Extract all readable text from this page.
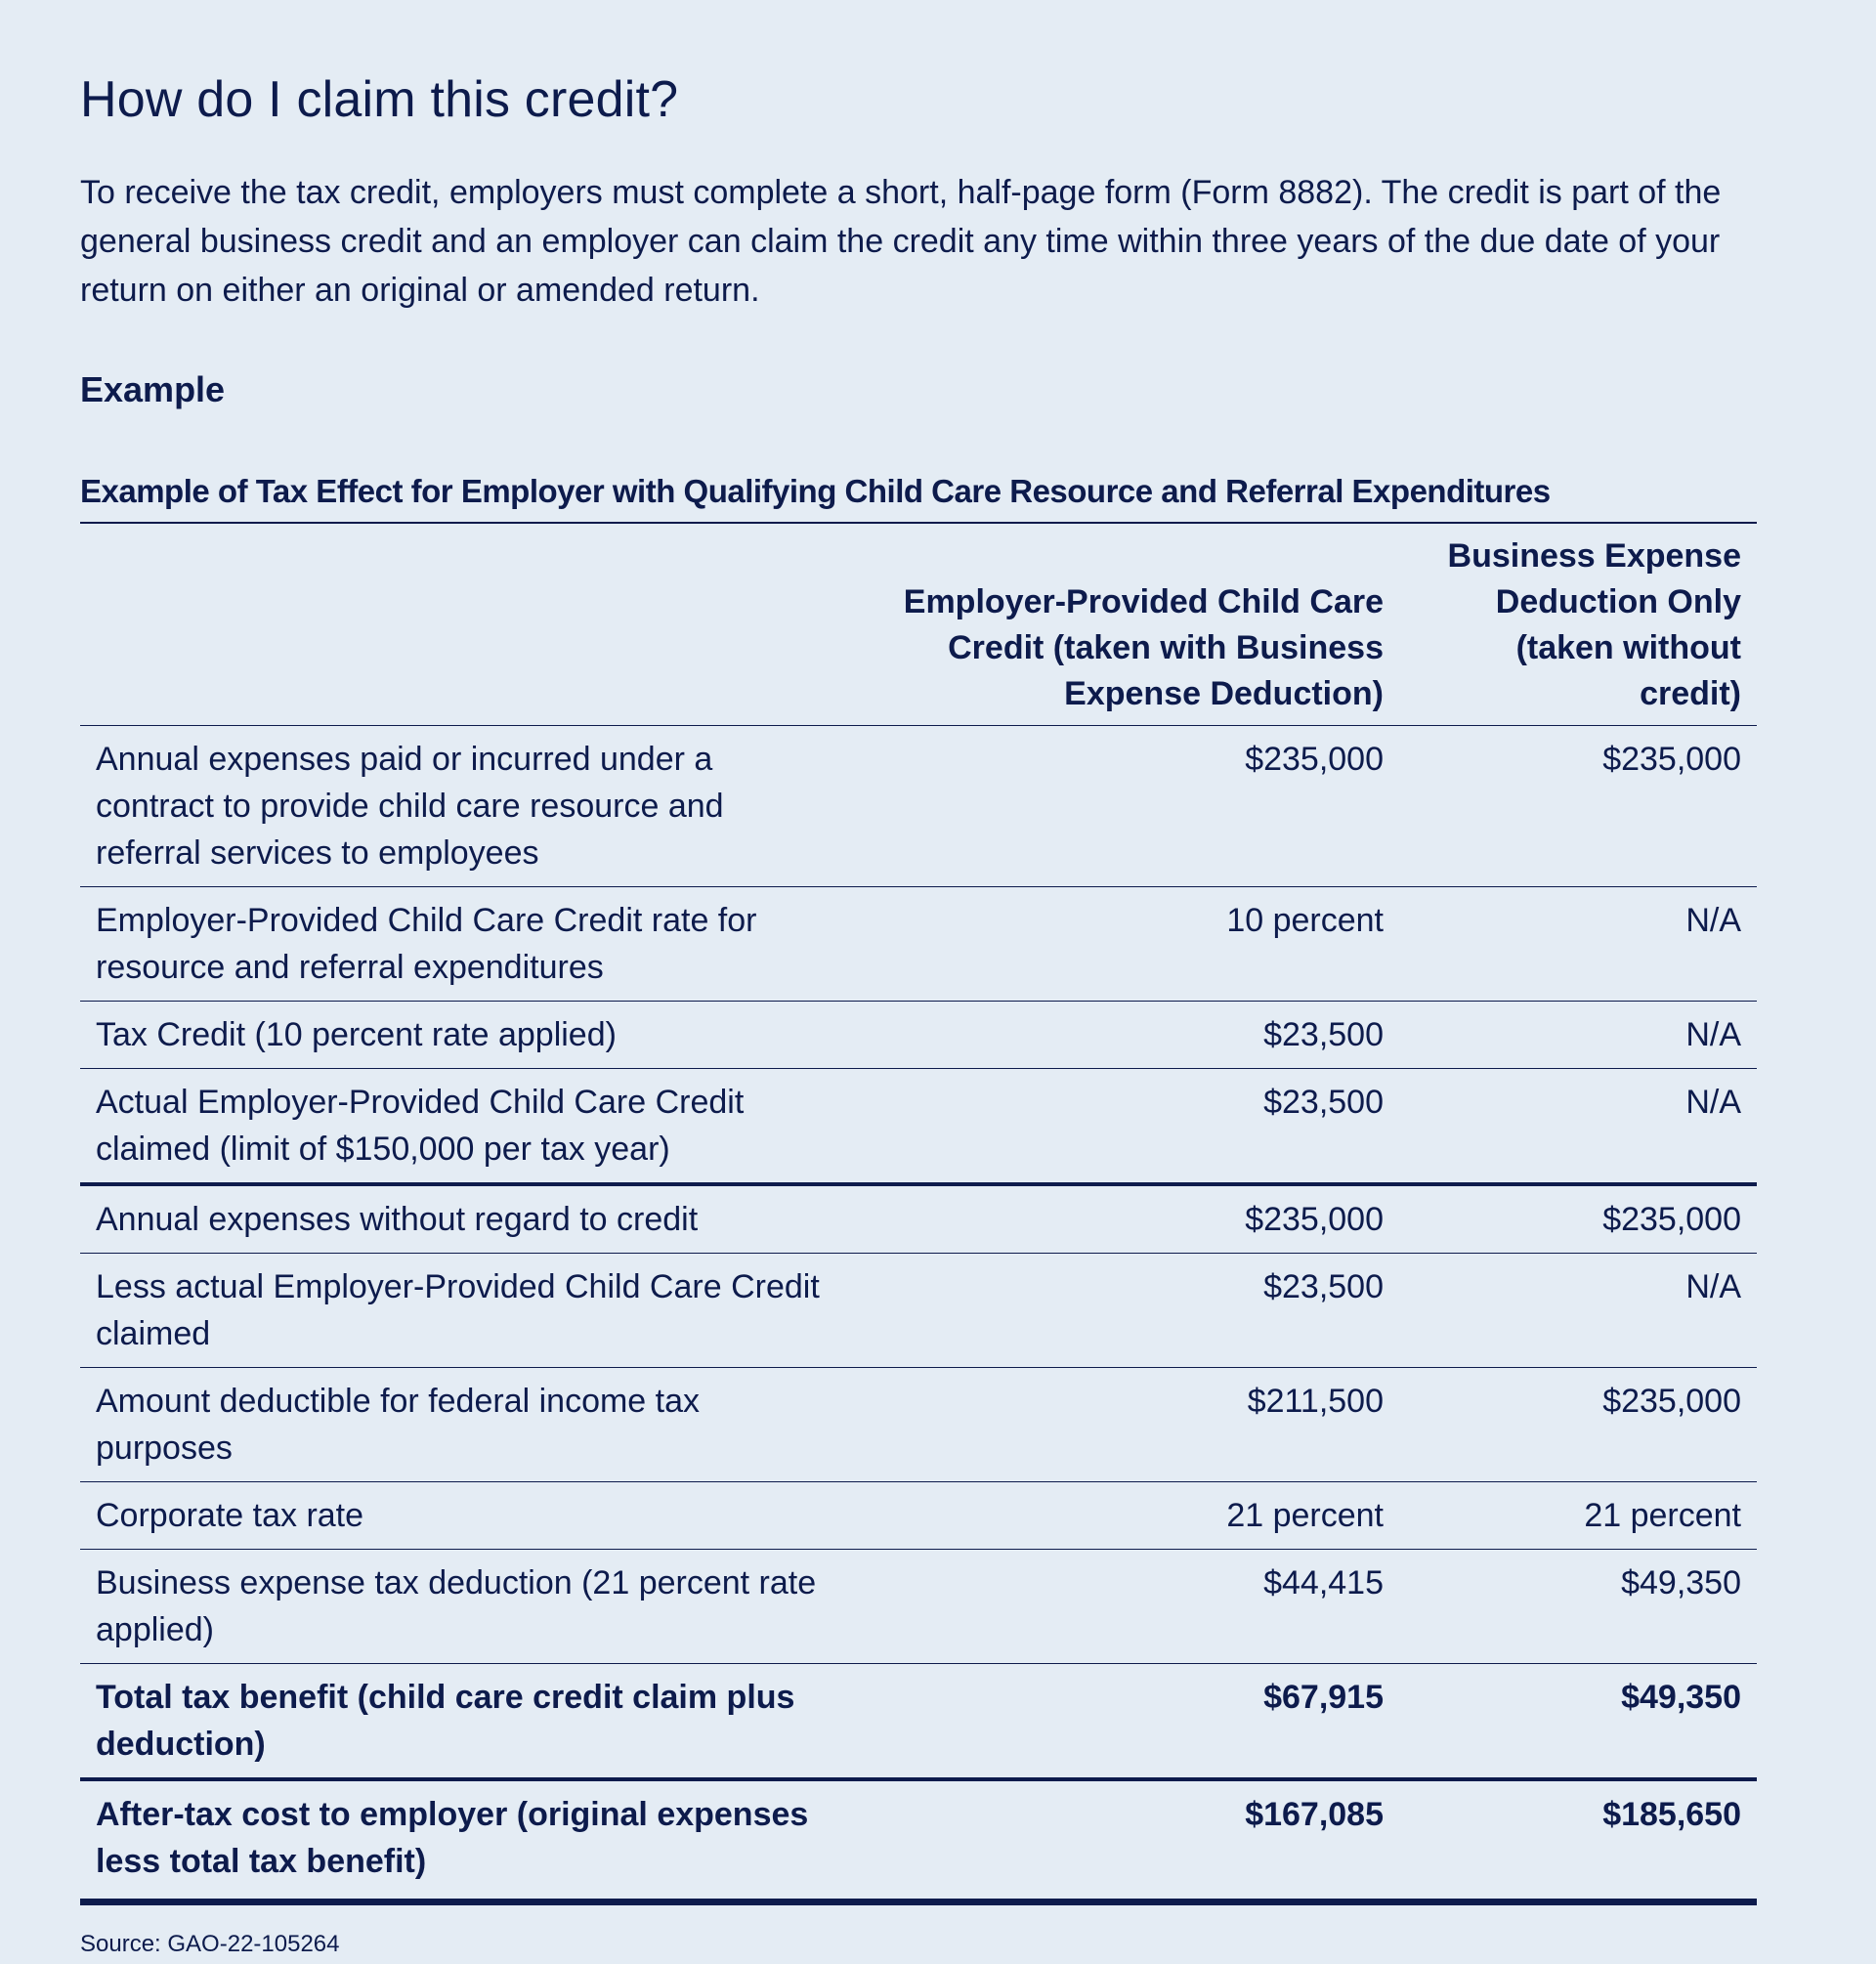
How do I claim this credit?

To receive the tax credit, employers must complete a short, half-page form (Form 8882). The credit is part of the general business credit and an employer can claim the credit any time within three years of the due date of your return on either an original or amended return.

Example
Example of Tax Effect for Employer with Qualifying Child Care Resource and Referral Expenditures
	Employer-Provided Child Care Credit (taken with Business Expense Deduction)	Business Expense Deduction Only (taken without credit)
Annual expenses paid or incurred under a contract to provide child care resource and referral services to employees	$235,000	$235,000
Employer-Provided Child Care Credit rate for resource and referral expenditures	10 percent	N/A
Tax Credit (10 percent rate applied)	$23,500	N/A
Actual Employer-Provided Child Care Credit claimed (limit of $150,000 per tax year)	$23,500	N/A
Annual expenses without regard to credit	$235,000	$235,000
Less actual Employer-Provided Child Care Credit claimed	$23,500	N/A
Amount deductible for federal income tax purposes	$211,500	$235,000
Corporate tax rate	21 percent	21 percent
Business expense tax deduction (21 percent rate applied)	$44,415	$49,350
Total tax benefit (child care credit claim plus deduction)	$67,915	$49,350
After-tax cost to employer (original expenses less total tax benefit)	$167,085	$185,650
Source: GAO-22-105264
